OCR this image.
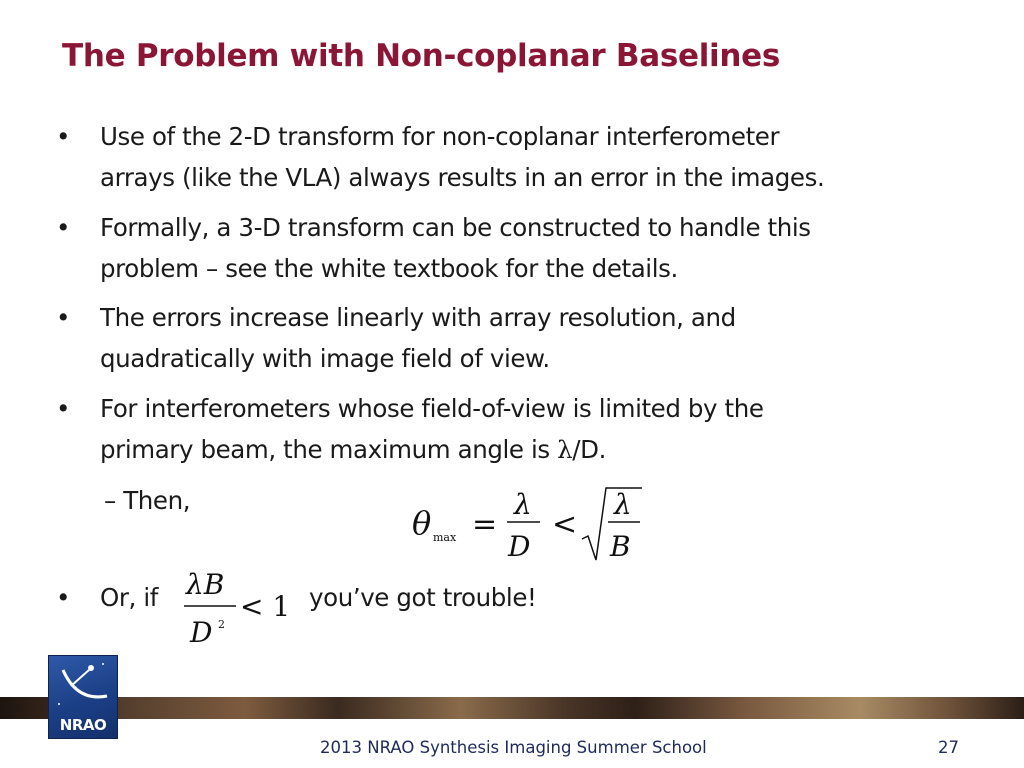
The Problem with Non-coplanar Baselines
• Use of the 2-D transform for non-coplanar interferometer
arrays (like the VLA) always results in an error in the images.
• Formally, a 3-D transform can be constructed to handle this
problem – see the white textbook for the details.
• The errors increase linearly with array resolution, and
quadratically with image field of view.
• For interferometers whose field-of-view is limited by the
primary beam, the maximum angle is λ/D.
– Then,
• Or, if	you’ve got trouble!
θ max =
λ
D
<
λ
B
λB
D 2
< 1
NRAO
2013 NRAO Synthesis Imaging Summer School	27
